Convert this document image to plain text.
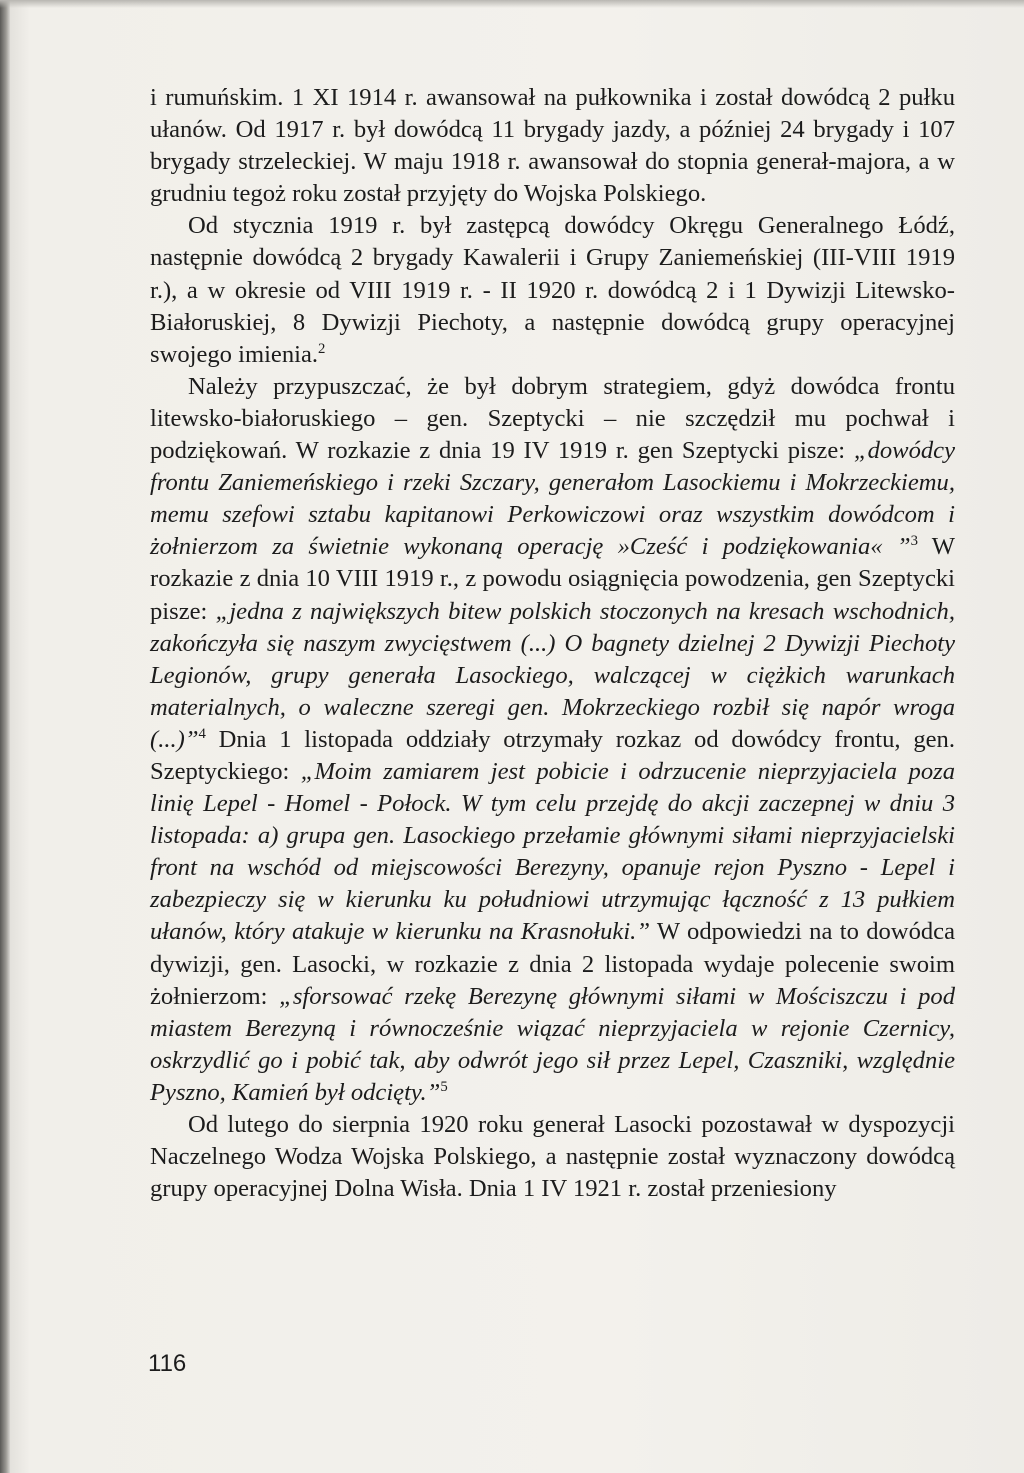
i rumuńskim. 1 XI 1914 r. awansował na pułkownika i został dowódcą 2 pułku ułanów. Od 1917 r. był dowódcą 11 brygady jazdy, a później 24 brygady i 107 brygady strzeleckiej. W maju 1918 r. awansował do stopnia generał-majora, a w grudniu tegoż roku został przyjęty do Wojska Polskiego.

Od stycznia 1919 r. był zastępcą dowódcy Okręgu Generalnego Łódź, następnie dowódcą 2 brygady Kawalerii i Grupy Zaniemeńskiej (III-VIII 1919 r.), a w okresie od VIII 1919 r. - II 1920 r. dowódcą 2 i 1 Dywizji Litewsko-Białoruskiej, 8 Dywizji Piechoty, a następnie dowódcą grupy operacyjnej swojego imienia.$^2$

Należy przypuszczać, że był dobrym strategiem, gdyż dowódca frontu litewsko-białoruskiego – gen. Szeptycki – nie szczędził mu pochwał i podziękowań. W rozkazie z dnia 19 IV 1919 r. gen Szeptycki pisze: „dowódcy frontu Zaniemeńskiego i rzeki Szczary, generałom Lasockiemu i Mokrzeckiemu, memu szefowi sztabu kapitanowi Perkowiczowi oraz wszystkim dowódcom i żołnierzom za świetnie wykonaną operację »Cześć i podziękowania« ”$^3$ W rozkazie z dnia 10 VIII 1919 r., z powodu osiągnięcia powodzenia, gen Szeptycki pisze: „jedna z największych bitew polskich stoczonych na kresach wschodnich, zakończyła się naszym zwycięstwem (...) O bagnety dzielnej 2 Dywizji Piechoty Legionów, grupy generała Lasockiego, walczącej w ciężkich warunkach materialnych, o waleczne szeregi gen. Mokrzeckiego rozbił się napór wroga (...)”$^4$ Dnia 1 listopada oddziały otrzymały rozkaz od dowódcy frontu, gen. Szeptyckiego: „Moim zamiarem jest pobicie i odrzucenie nieprzyjaciela poza linię Lepel - Homel - Połock. W tym celu przejdę do akcji zaczepnej w dniu 3 listopada: a) grupa gen. Lasockiego przełamie głównymi siłami nieprzyjacielski front na wschód od miejscowości Berezyny, opanuje rejon Pyszno - Lepel i zabezpieczy się w kierunku ku południowi utrzymując łączność z 13 pułkiem ułanów, który atakuje w kierunku na Krasnołuki.” W odpowiedzi na to dowódca dywizji, gen. Lasocki, w rozkazie z dnia 2 listopada wydaje polecenie swoim żołnierzom: „sforsować rzekę Berezynę głównymi siłami w Mościszczu i pod miastem Berezyną i równocześnie wiązać nieprzyjaciela w rejonie Czernicy, oskrzydlić go i pobić tak, aby odwrót jego sił przez Lepel, Czaszniki, względnie Pyszno, Kamień był odcięty.”$^5$

Od lutego do sierpnia 1920 roku generał Lasocki pozostawał w dyspozycji Naczelnego Wodza Wojska Polskiego, a następnie został wyznaczony dowódcą grupy operacyjnej Dolna Wisła. Dnia 1 IV 1921 r. został przeniesiony

116
